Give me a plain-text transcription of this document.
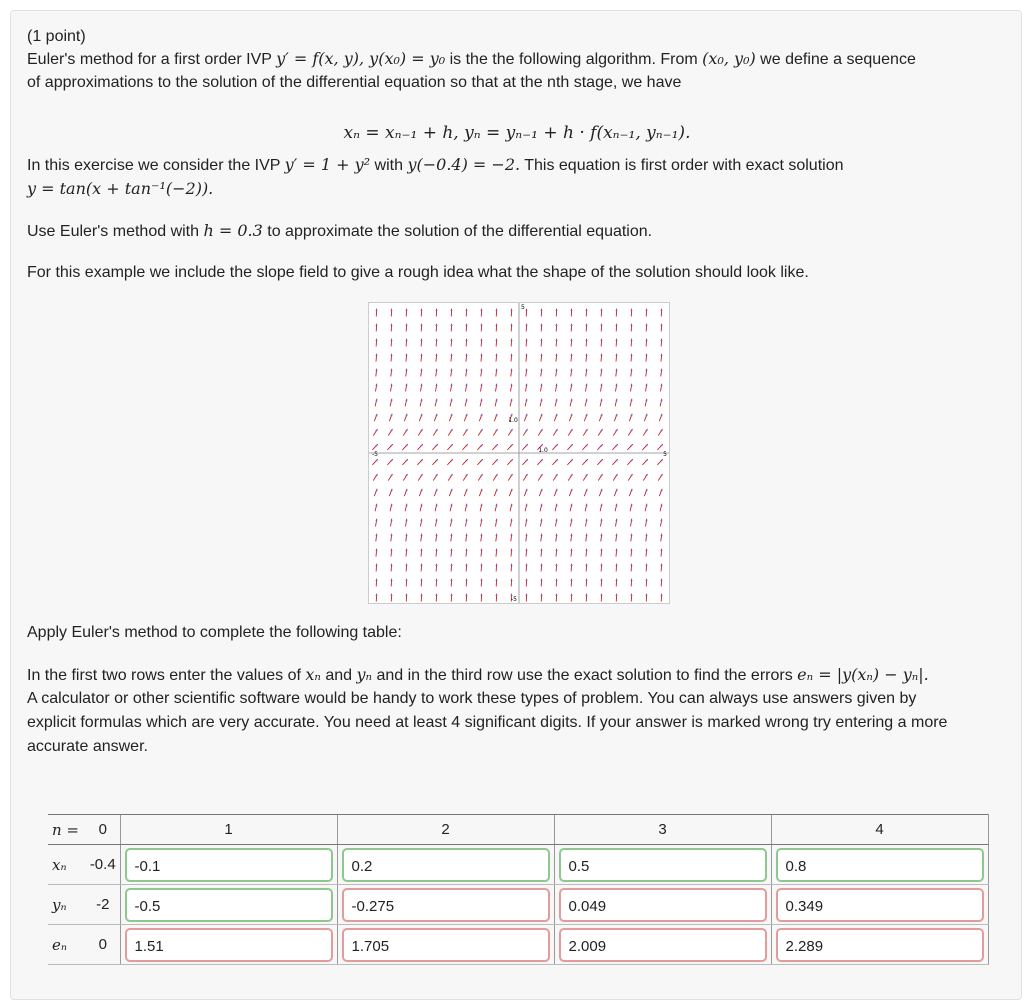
(1 point)
Euler's method for a first order IVP y′ = f(x, y), y(x₀) = y₀ is the the following algorithm. From (x₀, y₀) we define a sequence
of approximations to the solution of the differential equation so that at the nth stage, we have
xₙ = xₙ₋₁ + h, yₙ = yₙ₋₁ + h · f(xₙ₋₁, yₙ₋₁).
In this exercise we consider the IVP y′ = 1 + y² with y(−0.4) = −2. This equation is first order with exact solution
y = tan(x + tan⁻¹(−2)).
Use Euler's method with h = 0.3 to approximate the solution of the differential equation.
For this example we include the slope field to give a rough idea what the shape of the solution should look like.
Apply Euler's method to complete the following table:
In the first two rows enter the values of xₙ and yₙ and in the third row use the exact solution to find the errors eₙ = |y(xₙ) − yₙ|.
A calculator or other scientific software would be handy to work these types of problem. You can always use answers given by
explicit formulas which are very accurate. You need at least 4 significant digits. If your answer is marked wrong try entering a more
accurate answer.
-5	5
5
-5
1.0
1.0
n =	0	1	2	3	4
xₙ	-0.4	-0.1	0.2	0.5	0.8

yₙ	-2	-0.5	-0.275	0.049	0.349

eₙ	0	1.51	1.705	2.009	2.289
